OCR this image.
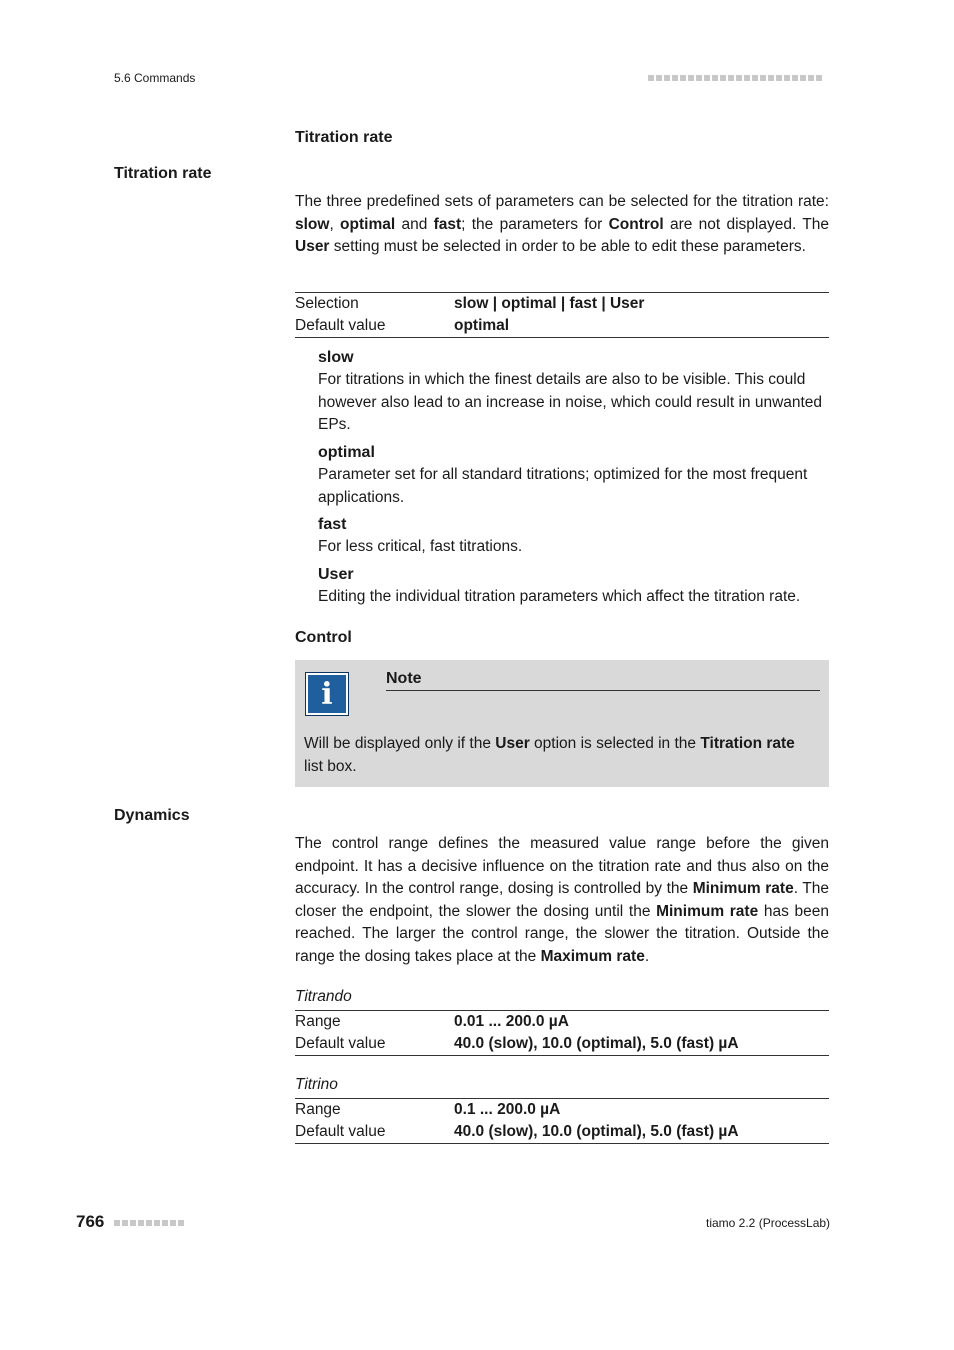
5.6 Commands
Titration rate
Titration rate
The three predefined sets of parameters can be selected for the titration rate: slow, optimal and fast; the parameters for Control are not displayed. The User setting must be selected in order to be able to edit these parameters.
Selection	slow | optimal | fast | User
Default value	optimal
slow
For titrations in which the finest details are also to be visible. This could however also lead to an increase in noise, which could result in unwanted EPs.
optimal
Parameter set for all standard titrations; optimized for the most frequent applications.
fast
For less critical, fast titrations.
User
Editing the individual titration parameters which affect the titration rate.
Control
i	Note
Will be displayed only if the User option is selected in the Titration rate list box.
Dynamics
The control range defines the measured value range before the given endpoint. It has a decisive influence on the titration rate and thus also on the accuracy. In the control range, dosing is controlled by the Minimum rate. The closer the endpoint, the slower the dosing until the Minimum rate has been reached. The larger the control range, the slower the titration. Outside the range the dosing takes place at the Maximum rate.
Titrando
Range	0.01 ... 200.0 µA
Default value	40.0 (slow), 10.0 (optimal), 5.0 (fast) µA
Titrino
Range	0.1 ... 200.0 µA
Default value	40.0 (slow), 10.0 (optimal), 5.0 (fast) µA
766	tiamo 2.2 (ProcessLab)
